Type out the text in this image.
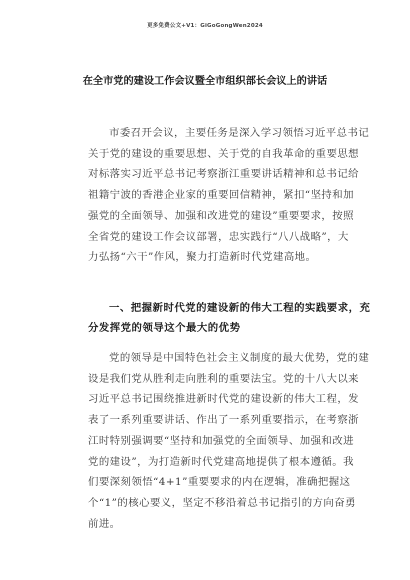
更多免费公文+V1：GiGoGongWen2024
在全市党的建设工作会议暨全市组织部长会议上的讲话
市委召开会议，主要任务是深入学习领悟习近平总书记
关于党的建设的重要思想、关于党的自我革命的重要思想
对标落实习近平总书记考察浙江重要讲话精神和总书记给
祖籍宁波的香港企业家的重要回信精神，紧扣“坚持和加
强党的全面领导、加强和改进党的建设”重要要求，按照
全省党的建设工作会议部署，忠实践行“八八战略”，大
力弘扬“六干”作风，聚力打造新时代党建高地。
一、把握新时代党的建设新的伟大工程的实践要求，充
分发挥党的领导这个最大的优势
党的领导是中国特色社会主义制度的最大优势，党的建
设是我们党从胜利走向胜利的重要法宝。党的十八大以来
习近平总书记围绕推进新时代党的建设新的伟大工程，发
表了一系列重要讲话、作出了一系列重要指示，在考察浙
江时特别强调要“坚持和加强党的全面领导、加强和改进
党的建设”，为打造新时代党建高地提供了根本遵循。我
们要深刻领悟“4+1”重要要求的内在逻辑，准确把握这
个“1”的核心要义，坚定不移沿着总书记指引的方向奋勇
前进。
